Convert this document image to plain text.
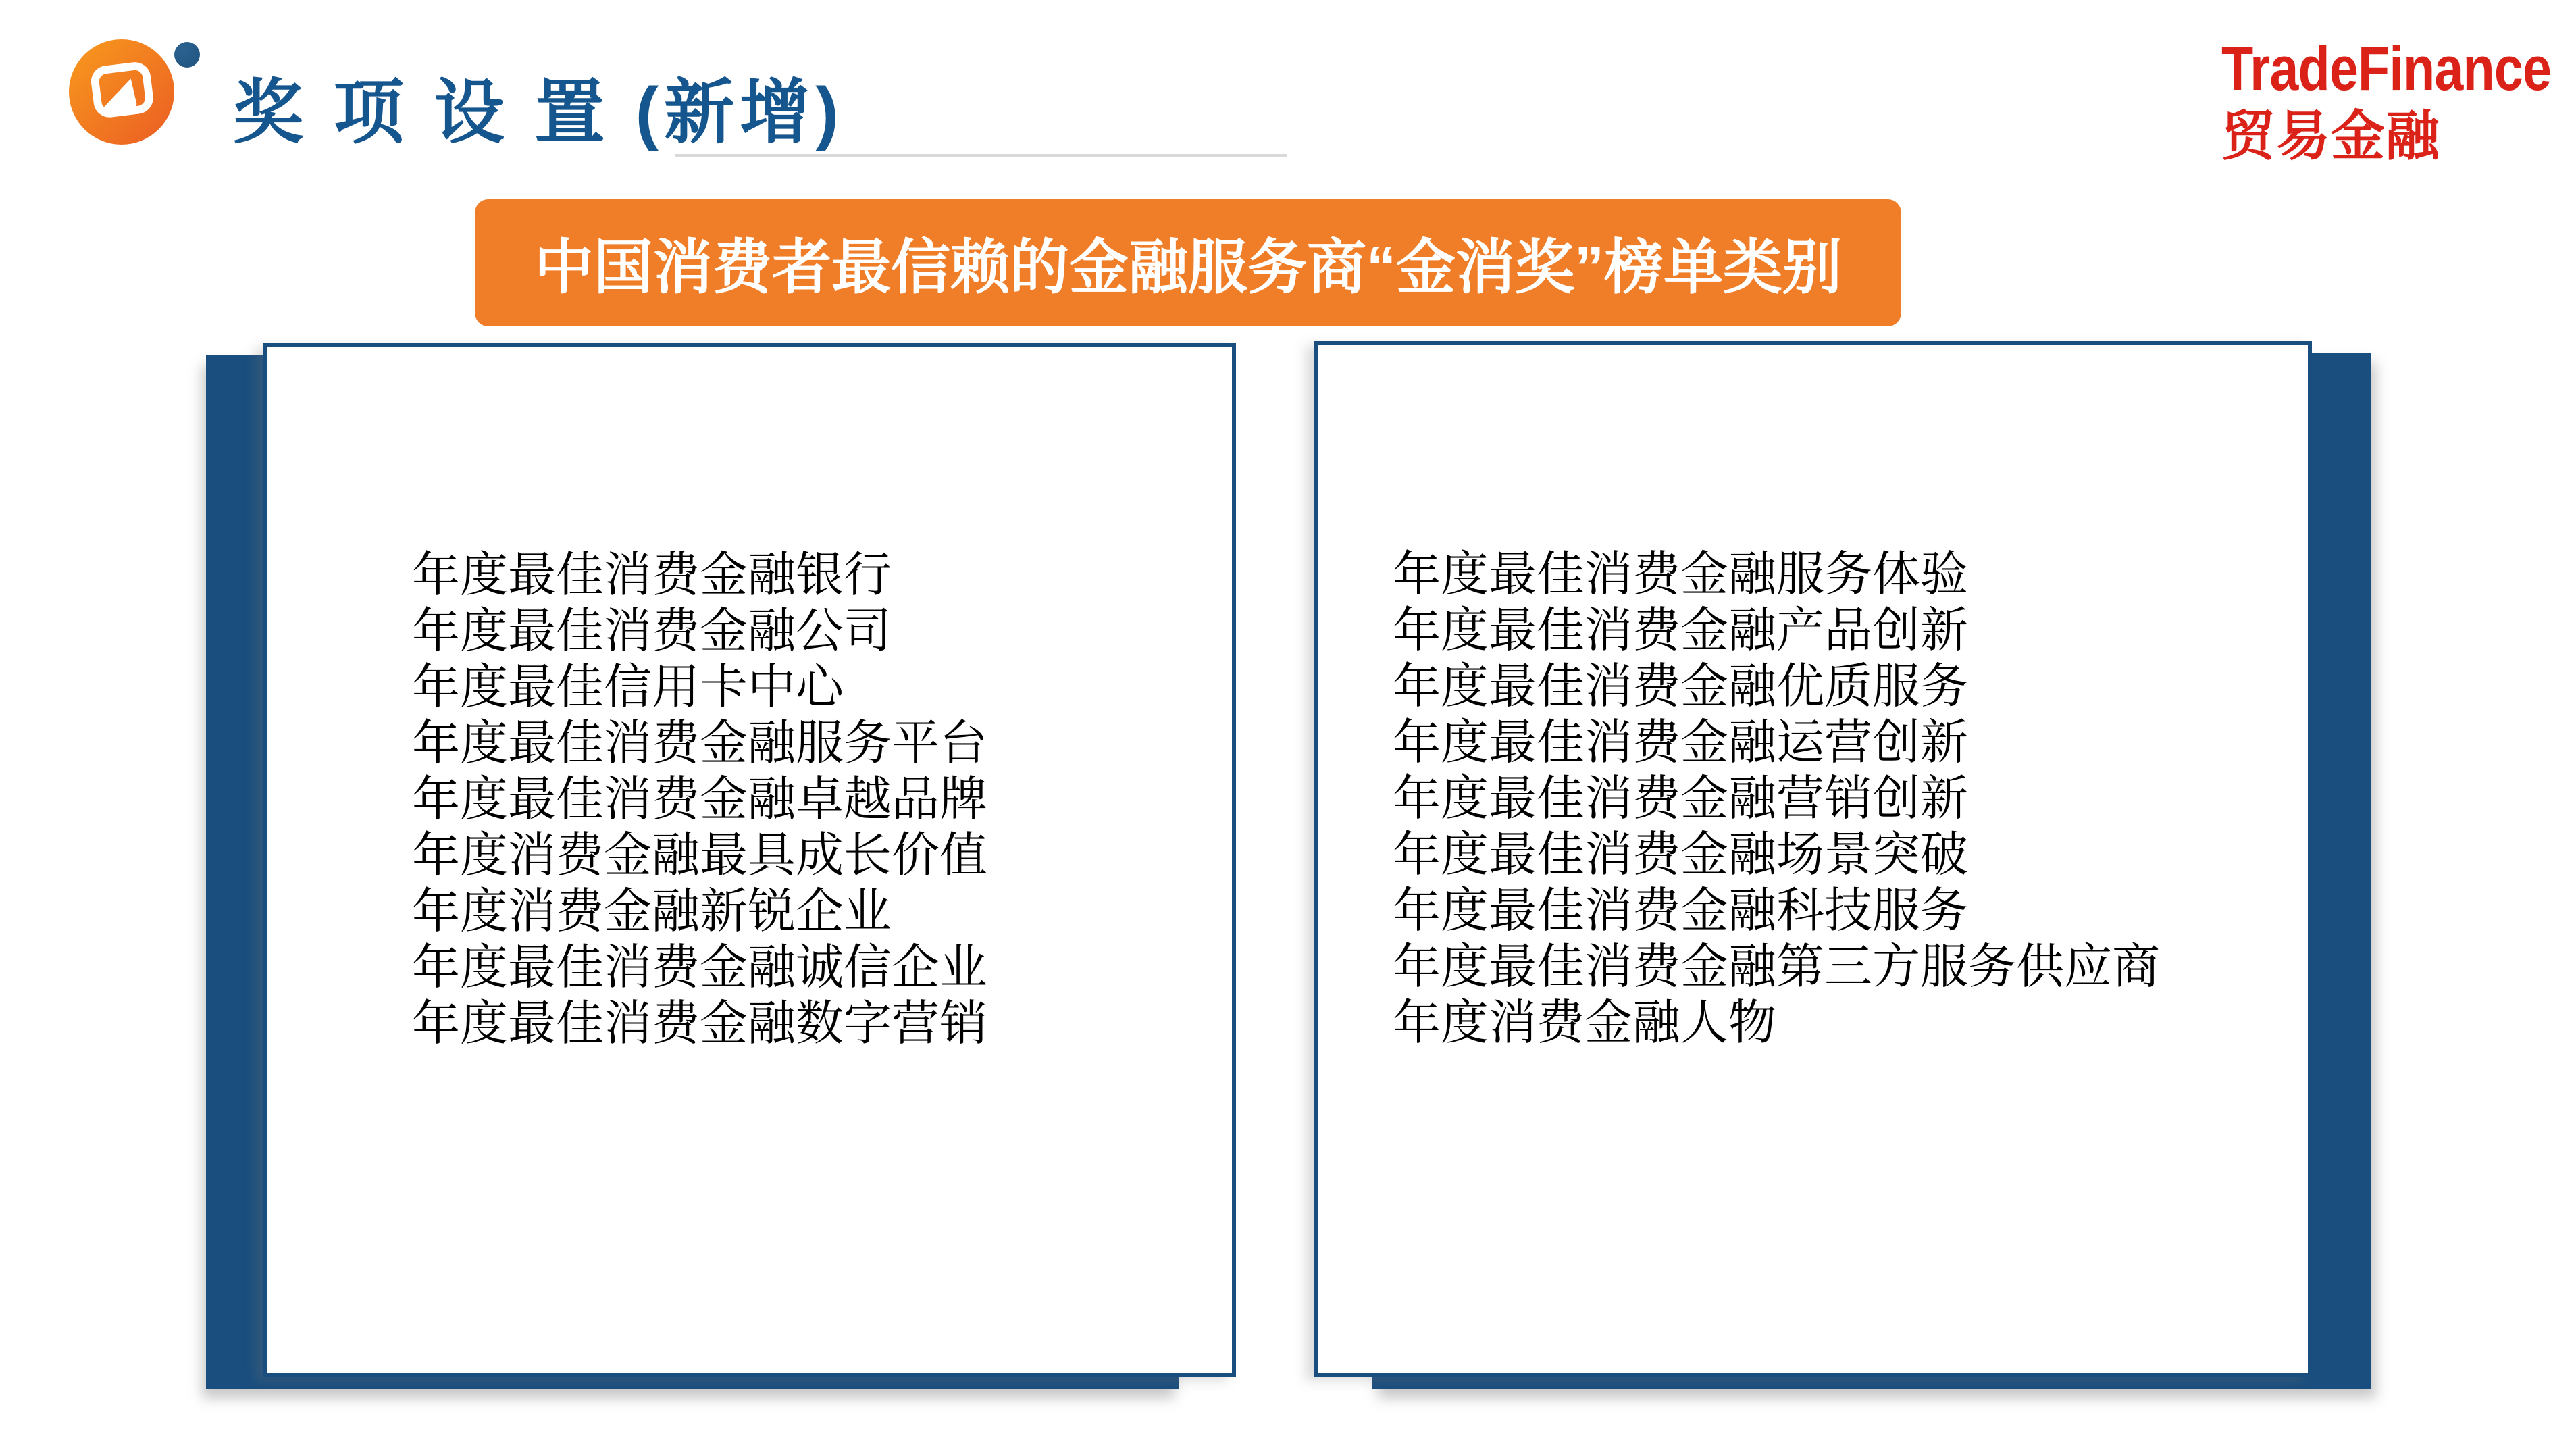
奖 项 设 置 (新增)
TradeFinance
贸易金融
中国消费者最信赖的金融服务商“金消奖”榜单类别
年度最佳消费金融银行
年度最佳消费金融公司
年度最佳信用卡中心
年度最佳消费金融服务平台
年度最佳消费金融卓越品牌
年度消费金融最具成长价值
年度消费金融新锐企业
年度最佳消费金融诚信企业
年度最佳消费金融数字营销
年度最佳消费金融服务体验
年度最佳消费金融产品创新
年度最佳消费金融优质服务
年度最佳消费金融运营创新
年度最佳消费金融营销创新
年度最佳消费金融场景突破
年度最佳消费金融科技服务
年度最佳消费金融第三方服务供应商
年度消费金融人物
